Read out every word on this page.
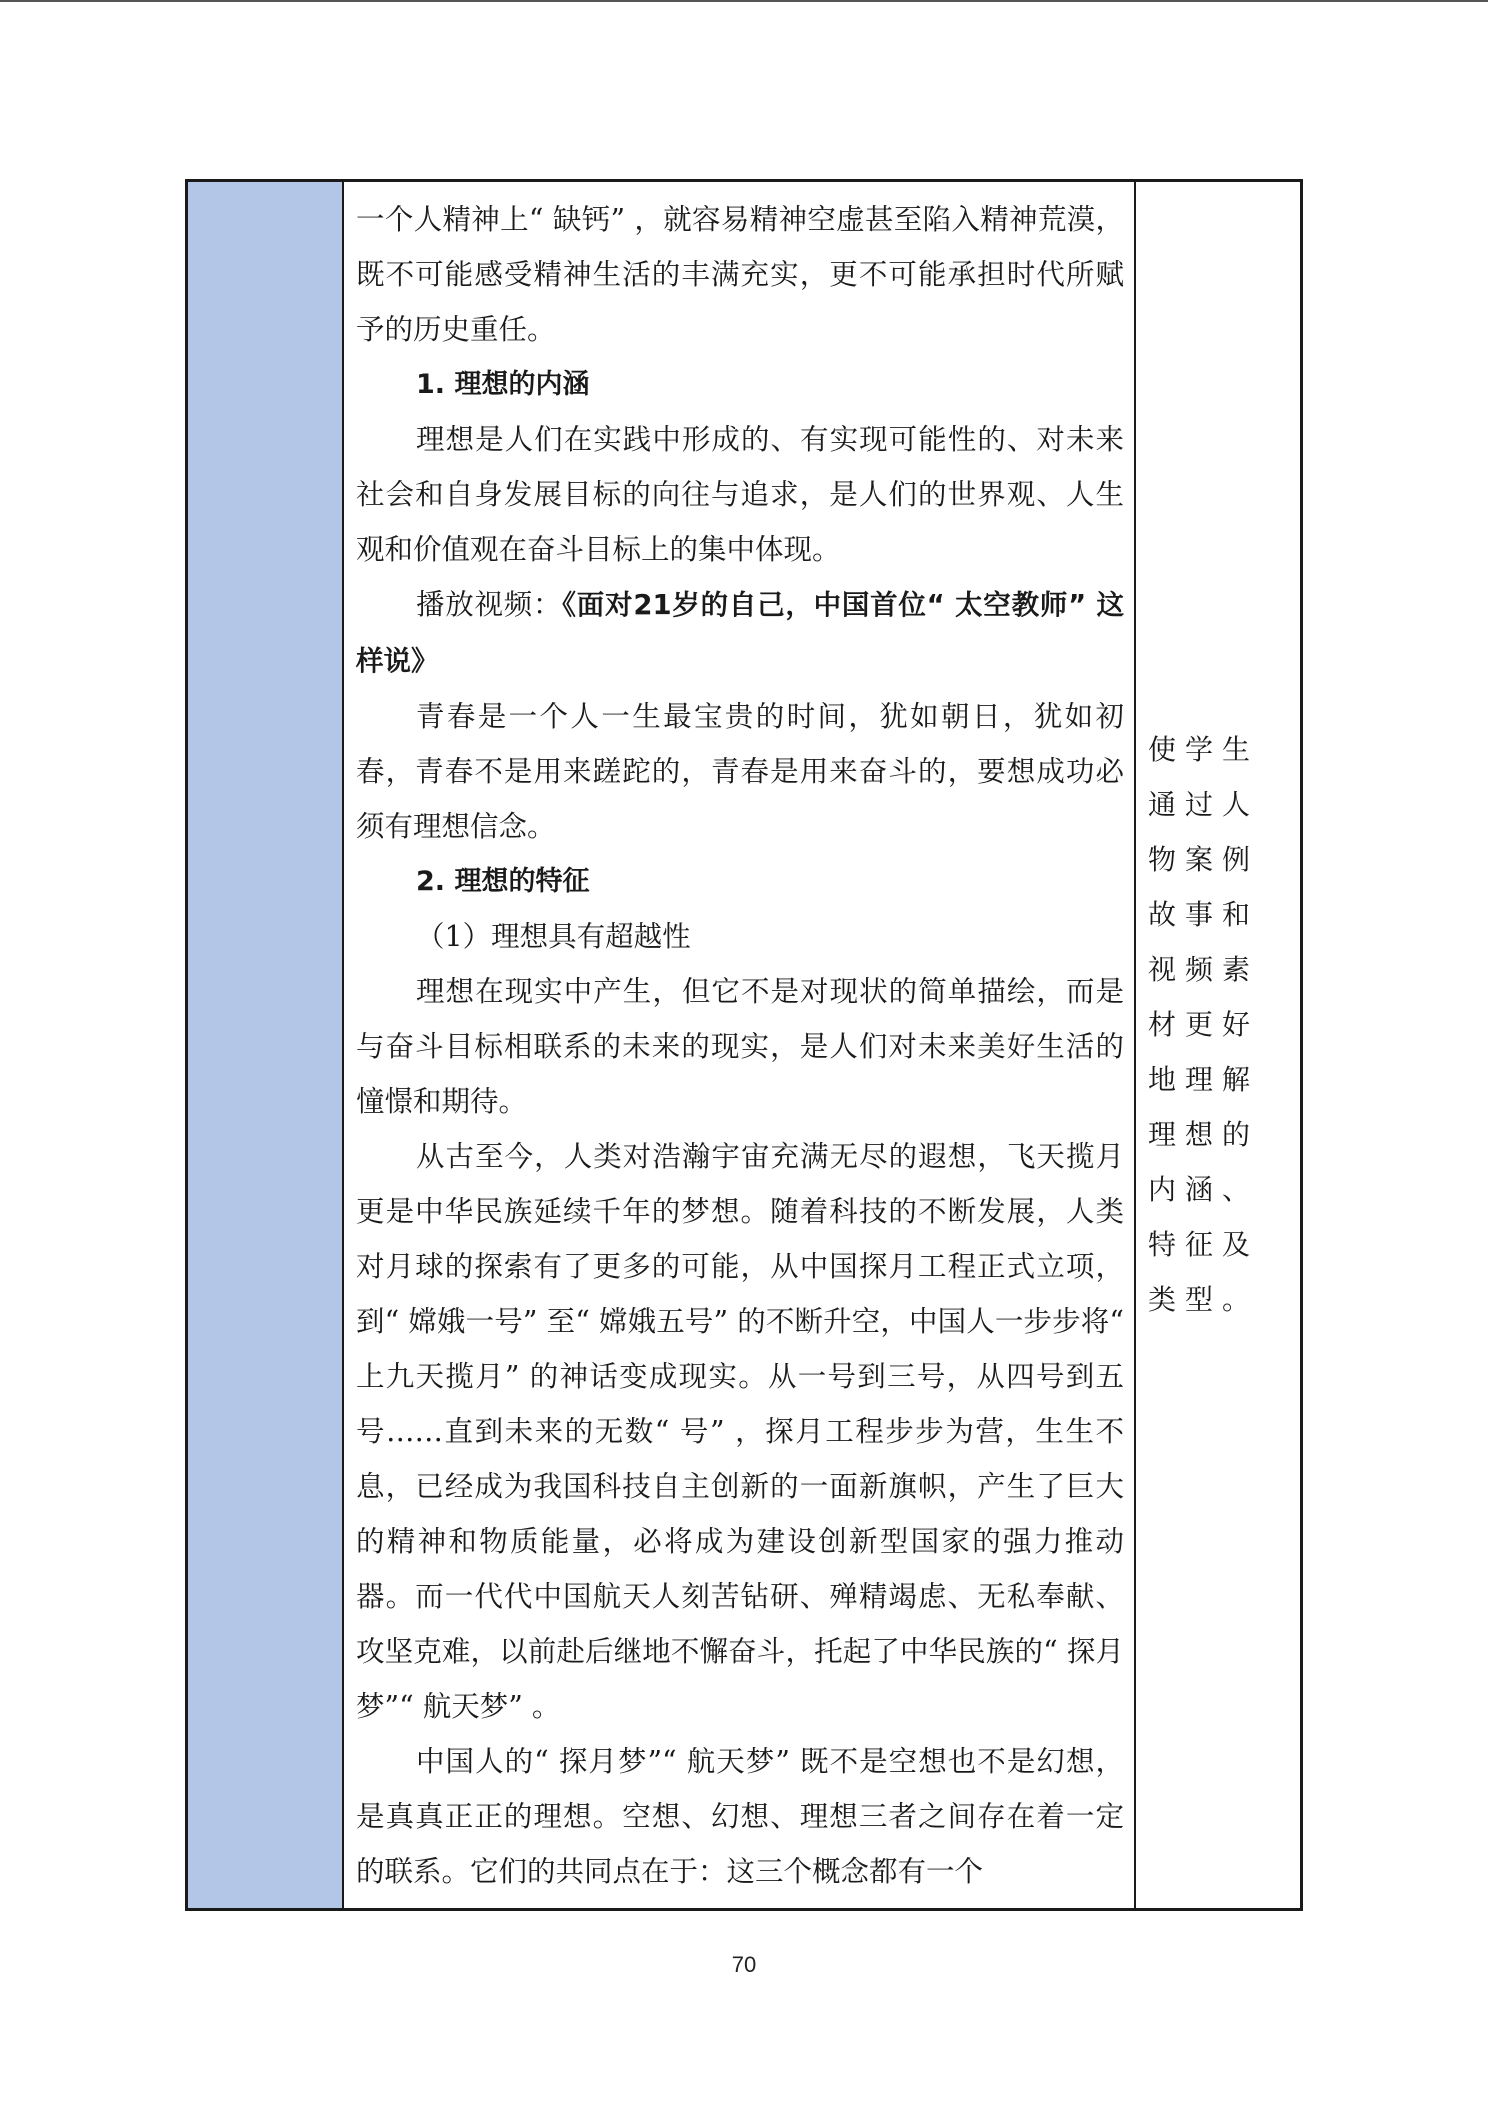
一个人精神上“ 缺钙” ，就容易精神空虚甚至陷入精神荒漠，既不可能感受精神生活的丰满充实，更不可能承担时代所赋予的历史重任。

1. 理想的内涵

理想是人们在实践中形成的、有实现可能性的、对未来社会和自身发展目标的向往与追求，是人们的世界观、人生观和价值观在奋斗目标上的集中体现。

播放视频：《面对21岁的自己，中国首位“ 太空教师” 这样说》

青春是一个人一生最宝贵的时间，犹如朝日，犹如初春，青春不是用来蹉跎的，青春是用来奋斗的，要想成功必须有理想信念。

2. 理想的特征

（1）理想具有超越性

理想在现实中产生，但它不是对现状的简单描绘，而是与奋斗目标相联系的未来的现实，是人们对未来美好生活的憧憬和期待。

从古至今，人类对浩瀚宇宙充满无尽的遐想，飞天揽月更是中华民族延续千年的梦想。随着科技的不断发展，人类对月球的探索有了更多的可能，从中国探月工程正式立项，到“ 嫦娥一号” 至“ 嫦娥五号” 的不断升空，中国人一步步将“ 上九天揽月” 的神话变成现实。从一号到三号，从四号到五号……直到未来的无数“ 号” ，探月工程步步为营，生生不息，已经成为我国科技自主创新的一面新旗帜，产生了巨大的精神和物质能量，必将成为建设创新型国家的强力推动器。而一代代中国航天人刻苦钻研、殚精竭虑、无私奉献、攻坚克难，以前赴后继地不懈奋斗，托起了中华民族的“ 探月梦”“ 航天梦” 。

中国人的“ 探月梦”“ 航天梦” 既不是空想也不是幻想，是真真正正的理想。空想、幻想、理想三者之间存在着一定的联系。它们的共同点在于：这三个概念都有一个

使学生通过人物案例故事和视频素材更好地理解理想的内涵、特征及类型。
70
